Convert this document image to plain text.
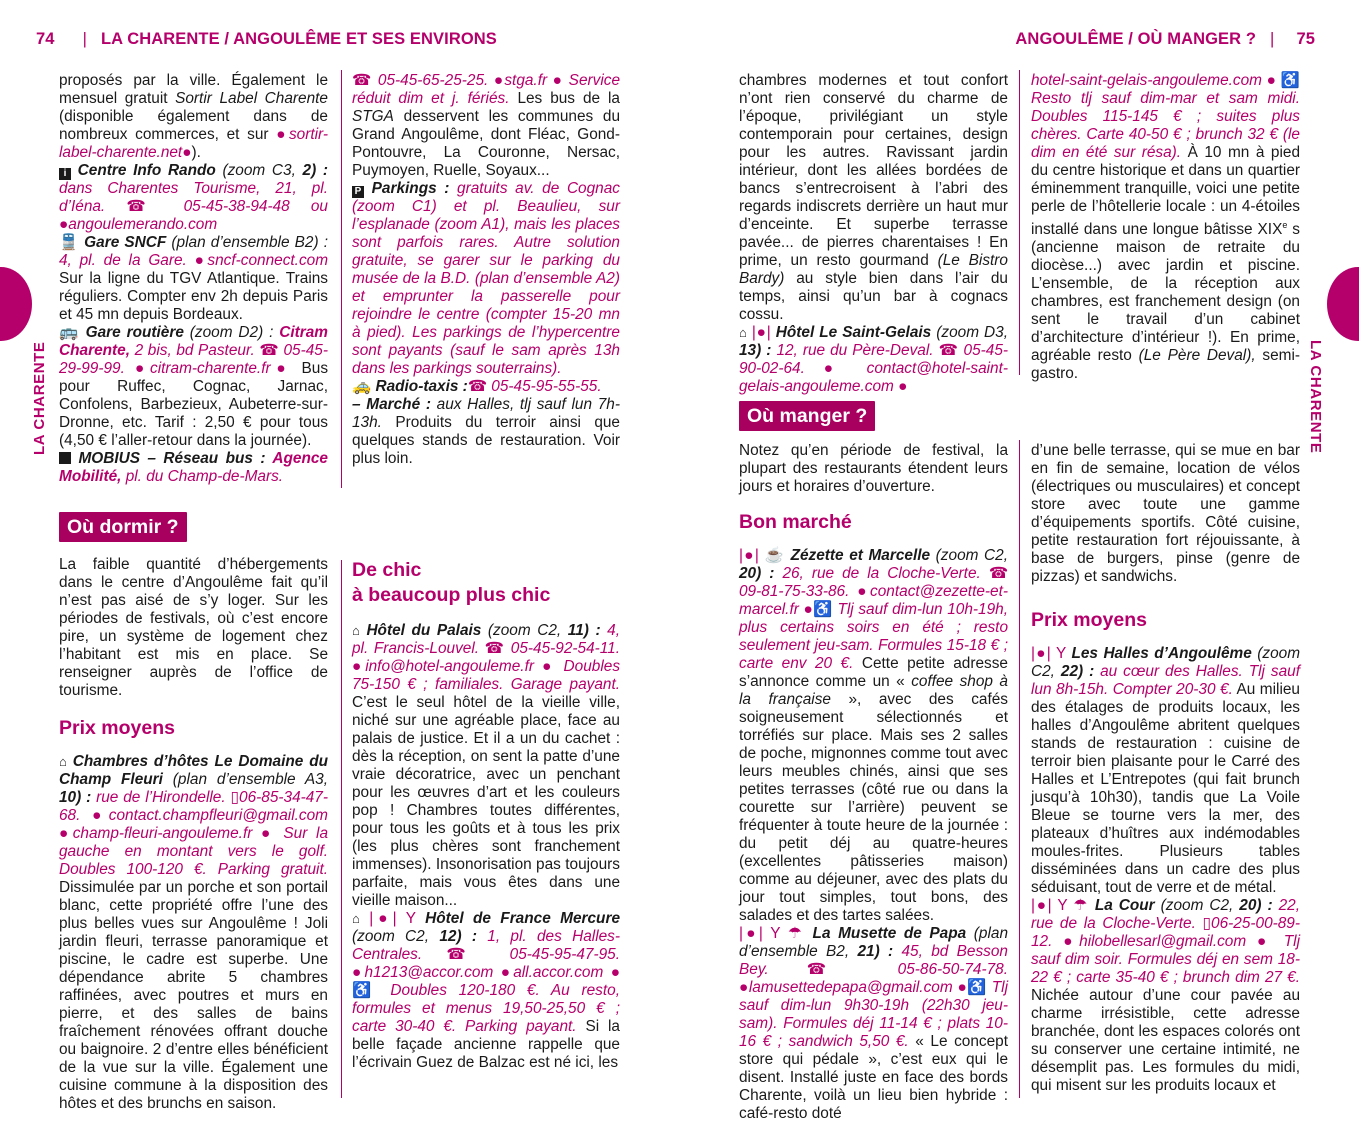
74 | LA CHARENTE / ANGOULÊME ET SES ENVIRONS	ANGOULÊME / OÙ MANGER ? | 75
LA CHARENTE	LA CHARENTE

proposés par la ville. Également le mensuel gratuit Sortir Label Charente (disponible également dans de nombreux commerces, et sur ●sortir-label-charente.net●).

i Centre Info Rando (zoom C3, 2) : dans Charentes Tourisme, 21, pl. d’Iéna. ☎ 05-45-38-94-48 ou ●angoulemerando.com

🚆 Gare SNCF (plan d’ensemble B2) : 4, pl. de la Gare. ●sncf-connect.com Sur la ligne du TGV Atlantique. Trains réguliers. Compter env 2h depuis Paris et 45 mn depuis Bordeaux.

🚌 Gare routière (zoom D2) : Citram Charente, 2 bis, bd Pasteur. ☎ 05-45-29-99-99. ●citram-charente.fr● Bus pour Ruffec, Cognac, Jarnac, Confolens, Barbezieux, Aubeterre-sur-Dronne, etc. Tarif : 2,50 € pour tous (4,50 € l’aller-retour dans la journée).

MOBIUS – Réseau bus : Agence Mobilité, pl. du Champ-de-Mars.

☎ 05-45-65-25-25. ●stga.fr ● Service réduit dim et j. fériés. Les bus de la STGA desservent les communes du Grand Angoulême, dont Fléac, Gond-Pontouvre, La Couronne, Nersac, Puymoyen, Ruelle, Soyaux...

P Parkings : gratuits av. de Cognac (zoom C1) et pl. Beaulieu, sur l’esplanade (zoom A1), mais les places sont parfois rares. Autre solution gratuite, se garer sur le parking du musée de la B.D. (plan d’ensemble A2) et emprunter la passerelle pour rejoindre le centre (compter 15-20 mn à pied). Les parkings de l’hypercentre sont payants (sauf le sam après 13h dans les parkings souterrains).

🚕 Radio-taxis :☎ 05-45-95-55-55.

– Marché : aux Halles, tlj sauf lun 7h-13h. Produits du terroir ainsi que quelques stands de restauration. Voir plus loin.

Où dormir ?

La faible quantité d’hébergements dans le centre d’Angoulême fait qu’il n’est pas aisé de s’y loger. Sur les périodes de festivals, où c’est encore pire, un système de logement chez l’habitant est mis en place. Se renseigner auprès de l’office de tourisme.

Prix moyens

⌂ Chambres d’hôtes Le Domaine du Champ Fleuri (plan d’ensemble A3, 10) : rue de l’Hirondelle. ▯06-85-34-47-68. ●contact.champfleuri@gmail.com ●champ-fleuri-angouleme.fr ● Sur la gauche en montant vers le golf. Doubles 100-120 €. Parking gratuit. Dissimulée par un porche et son portail blanc, cette propriété offre l’une des plus belles vues sur Angoulême ! Joli jardin fleuri, terrasse panoramique et piscine, le cadre est superbe. Une dépendance abrite 5 chambres raffinées, avec poutres et murs en pierre, et des salles de bains fraîchement rénovées offrant douche ou baignoire. 2 d’entre elles bénéficient de la vue sur la ville. Également une cuisine commune à la disposition des hôtes et des brunchs en saison.

De chic
à beaucoup plus chic

⌂ Hôtel du Palais (zoom C2, 11) : 4, pl. Francis-Louvel. ☎ 05-45-92-54-11. ●info@hotel-angouleme.fr ● Doubles 75-150 € ; familiales. Garage payant. C’est le seul hôtel de la vieille ville, niché sur une agréable place, face au palais de justice. Et il a un du cachet : dès la réception, on sent la patte d’une vraie décoratrice, avec un penchant pour les œuvres d’art et les couleurs pop ! Chambres toutes différentes, pour tous les goûts et à tous les prix (les plus chères sont franchement immenses). Insonorisation pas toujours parfaite, mais vous êtes dans une vieille maison...

⌂ |●| Y Hôtel de France Mercure (zoom C2, 12) : 1, pl. des Halles-Centrales. ☎ 05-45-95-47-95. ●h1213@accor.com ●all.accor.com ●♿ Doubles 120-180 €. Au resto, formules et menus 19,50-25,50 € ; carte 30-40 €. Parking payant. Si la belle façade ancienne rappelle que l’écrivain Guez de Balzac est né ici, les

chambres modernes et tout confort n’ont rien conservé du charme de l’époque, privilégiant un style contemporain pour certaines, design pour les autres. Ravissant jardin intérieur, dont les allées bordées de bancs s’entrecroisent à l’abri des regards indiscrets derrière un haut mur d’enceinte. Et superbe terrasse pavée... de pierres charentaises ! En prime, un resto gourmand (Le Bistro Bardy) au style bien dans l’air du temps, ainsi qu’un bar à cognacs cossu.

⌂ |●| Hôtel Le Saint-Gelais (zoom D3, 13) : 12, rue du Père-Deval. ☎ 05-45-90-02-64. ● contact@hotel-saint-gelais-angouleme.com ●

hotel-saint-gelais-angouleme.com ● ♿ Resto tlj sauf dim-mar et sam midi. Doubles 115-145 € ; suites plus chères. Carte 40-50 € ; brunch 32 € (le dim en été sur résa). À 10 mn à pied du centre historique et dans un quartier éminemment tranquille, voici une petite perle de l’hôtellerie locale : un 4-étoiles installé dans une longue bâtisse XIXe s (ancienne maison de retraite du diocèse...) avec jardin et piscine. L’ensemble, de la réception aux chambres, est franchement design (on sent le travail d’un cabinet d’architecture d’intérieur !). En prime, agréable resto (Le Père Deval), semi-gastro.

Où manger ?

Notez qu’en période de festival, la plupart des restaurants étendent leurs jours et horaires d’ouverture.

Bon marché

|●| ☕ Zézette et Marcelle (zoom C2, 20) : 26, rue de la Cloche-Verte. ☎ 09-81-75-33-86. ●contact@zezette-et-marcel.fr ●♿ Tlj sauf dim-lun 10h-19h, plus certains soirs en été ; resto seulement jeu-sam. Formules 15-18 € ; carte env 20 €. Cette petite adresse s’annonce comme un « coffee shop à la française », avec des cafés soigneusement sélectionnés et torréfiés sur place. Mais ses 2 salles de poche, mignonnes comme tout avec leurs meubles chinés, ainsi que ses petites terrasses (côté rue ou dans la courette sur l’arrière) peuvent se fréquenter à toute heure de la journée : du petit déj au quatre-heures (excellentes pâtisseries maison) comme au déjeuner, avec des plats du jour tout simples, tout bons, des salades et des tartes salées.

|●| Y ☂ La Musette de Papa (plan d’ensemble B2, 21) : 45, bd Besson Bey. ☎ 05-86-50-74-78. ●lamusettedepapa@gmail.com ●♿ Tlj sauf dim-lun 9h30-19h (22h30 jeu-sam). Formules déj 11-14 € ; plats 10-16 € ; sandwich 5,50 €. « Le concept store qui pédale », c’est eux qui le disent. Installé juste en face des bords Charente, voilà un lieu bien hybride : café-resto doté

d’une belle terrasse, qui se mue en bar en fin de semaine, location de vélos (électriques ou musculaires) et concept store avec toute une gamme d’équipements sportifs. Côté cuisine, petite restauration fort réjouissante, à base de burgers, pinse (genre de pizzas) et sandwichs.

Prix moyens

|●| Y Les Halles d’Angoulême (zoom C2, 22) : au cœur des Halles. Tlj sauf lun 8h-15h. Compter 20-30 €. Au milieu des étalages de produits locaux, les halles d’Angoulême abritent quelques stands de restauration : cuisine de terroir bien plaisante pour le Carré des Halles et L’Entrepotes (qui fait brunch jusqu’à 10h30), tandis que La Voile Bleue se tourne vers la mer, des plateaux d’huîtres aux indémodables moules-frites. Plusieurs tables disséminées dans un cadre des plus séduisant, tout de verre et de métal.

|●| Y ☂ La Cour (zoom C2, 20) : 22, rue de la Cloche-Verte. ▯06-25-00-89-12. ●hilobellesarl@gmail.com ● Tlj sauf dim soir. Formules déj en sem 18-22 € ; carte 35-40 € ; brunch dim 27 €. Nichée autour d’une cour pavée au charme irrésistible, cette adresse branchée, dont les espaces colorés ont su conserver une certaine intimité, ne désemplit pas. Les formules du midi, qui misent sur les produits locaux et
